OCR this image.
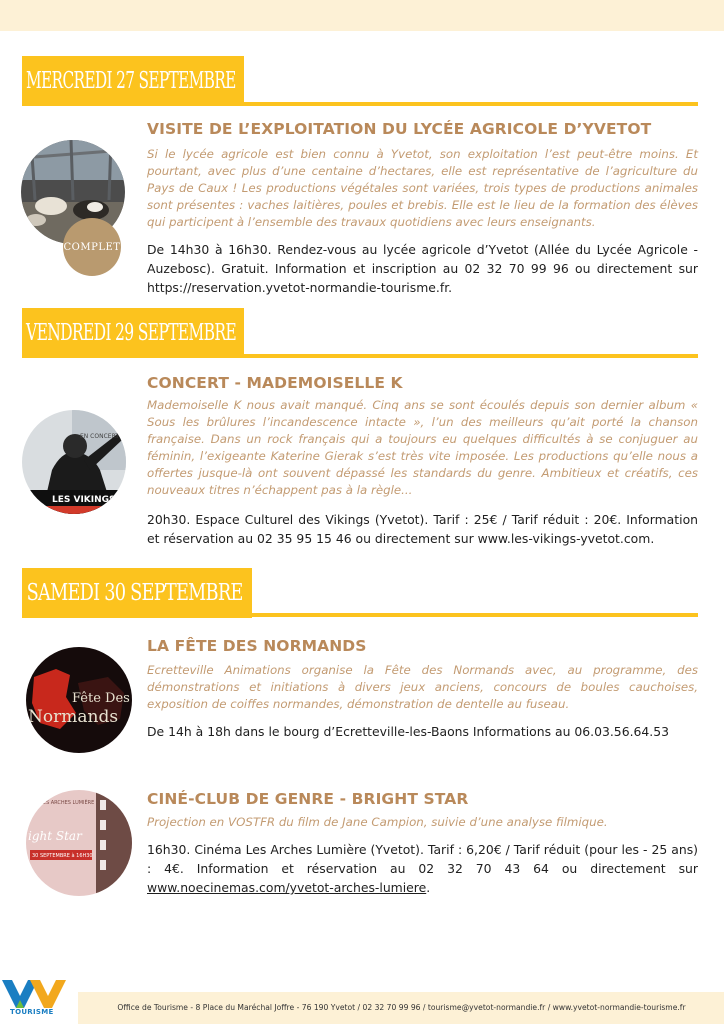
MERCREDI 27 SEPTEMBRE
VISITE DE L’EXPLOITATION DU LYCÉE AGRICOLE D’YVETOT

Si le lycée agricole est bien connu à Yvetot, son exploitation l’est peut-être moins. Et pourtant, avec plus d’une centaine d’hectares, elle est représentative de l’agriculture du Pays de Caux ! Les productions végétales sont variées, trois types de productions animales sont présentes : vaches laitières, poules et brebis. Elle est le lieu de la formation des élèves qui participent à l’ensemble des travaux quotidiens avec leurs enseignants.

De 14h30 à 16h30. Rendez-vous au lycée agricole d’Yvetot (Allée du Lycée Agricole - Auzebosc). Gratuit. Information et inscription au 02 32 70 99 96 ou directement sur https://reservation.yvetot-normandie-tourisme.fr.

COMPLET
VENDREDI 29 SEPTEMBRE
CONCERT - MADEMOISELLE K

Mademoiselle K nous avait manqué. Cinq ans se sont écoulés depuis son dernier album « Sous les brûlures l’incandescence intacte », l’un des meilleurs qu’ait porté la chanson française. Dans un rock français qui a toujours eu quelques difficultés à se conjuguer au féminin, l’exigeante Katerine Gierak s’est très vite imposée. Les productions qu’elle nous a offertes jusque-là ont souvent dépassé les standards du genre. Ambitieux et créatifs, ces nouveaux titres n’échappent pas à la règle...

20h30. Espace Culturel des Vikings (Yvetot). Tarif : 25€ / Tarif réduit : 20€. Information et réservation au 02 35 95 15 46 ou directement sur www.les-vikings-yvetot.com.

EN CONCERT
LES VIKINGS
SAMEDI 30 SEPTEMBRE
LA FÊTE DES NORMANDS

Ecretteville Animations organise la Fête des Normands avec, au programme, des démonstrations et initiations à divers jeux anciens, concours de boules cauchoises, exposition de coiffes normandes, démonstration de dentelle au fuseau.

De 14h à 18h dans le bourg d’Ecretteville-les-Baons Informations au 06.03.56.64.53

Fête Des
Normands
CINÉ-CLUB DE GENRE - BRIGHT STAR

Projection en VOSTFR du film de Jane Campion, suivie d’une analyse filmique.

16h30. Cinéma Les Arches Lumière (Yvetot). Tarif : 6,20€ / Tarif réduit (pour les - 25 ans) : 4€. Information et réservation au 02 32 70 43 64 ou directement sur www.noecinemas.com/yvetot-arches-lumiere.

LES ARCHES LUMIÈRE
ight Star
30 SEPTEMBRE à 16H30
Office de Tourisme - 8 Place du Maréchal Joffre - 76 190 Yvetot / 02 32 70 99 96 / tourisme@yvetot-normandie.fr / www.yvetot-normandie-tourisme.fr
TOURISME
